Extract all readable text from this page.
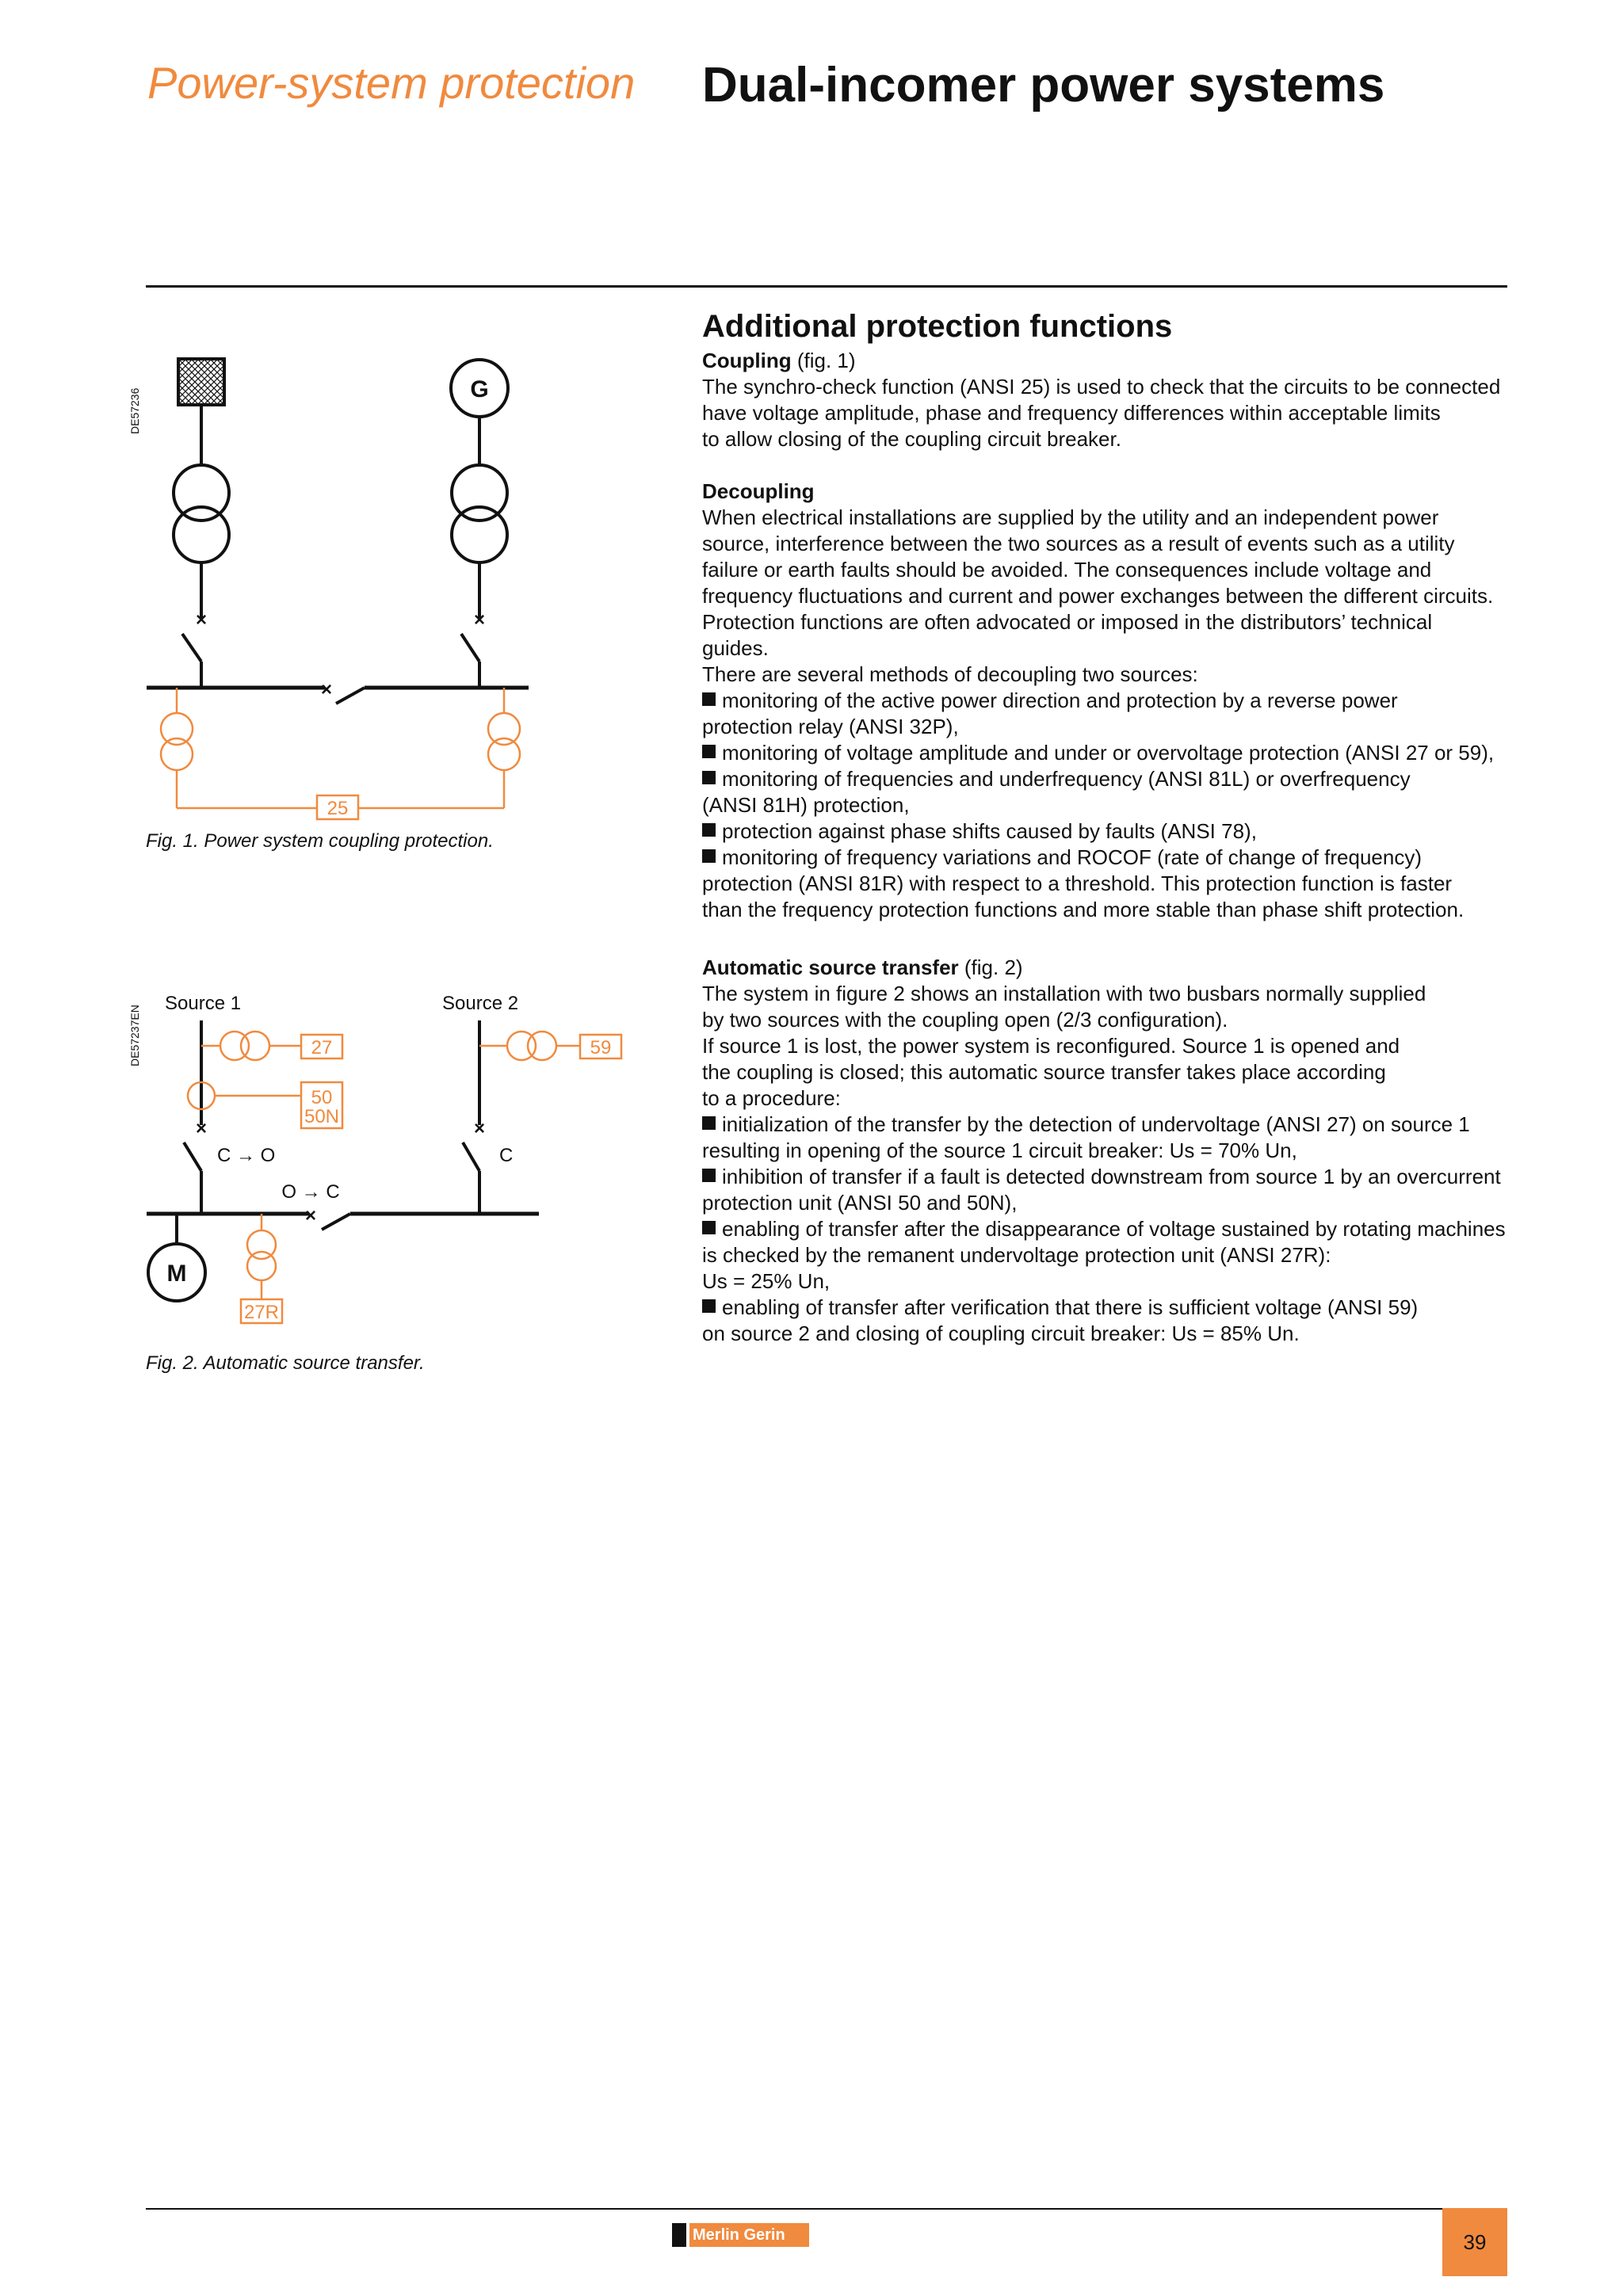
Power-system protection Dual-incomer power systems
DE57236
×
G
×
×
25
Fig. 1. Power system coupling protection.
DE57237EN
Source 1	Source 2
×
C → O
27
50
50N
×
C
59
×
O → C
M
27R
Fig. 2. Automatic source transfer.

Additional protection functions

Coupling (fig. 1)

The synchro-check function (ANSI 25) is used to check that the circuits to be connected

have voltage amplitude, phase and frequency differences within acceptable limits

to allow closing of the coupling circuit breaker.

Decoupling

When electrical installations are supplied by the utility and an independent power

source, interference between the two sources as a result of events such as a utility

failure or earth faults should be avoided. The consequences include voltage and

frequency fluctuations and current and power exchanges between the different circuits.

Protection functions are often advocated or imposed in the distributors’ technical

guides.

There are several methods of decoupling two sources:

monitoring of the active power direction and protection by a reverse power

protection relay (ANSI 32P),

monitoring of voltage amplitude and under or overvoltage protection (ANSI 27 or 59),

monitoring of frequencies and underfrequency (ANSI 81L) or overfrequency

(ANSI 81H) protection,

protection against phase shifts caused by faults (ANSI 78),

monitoring of frequency variations and ROCOF (rate of change of frequency)

protection (ANSI 81R) with respect to a threshold. This protection function is faster

than the frequency protection functions and more stable than phase shift protection.

Automatic source transfer (fig. 2)

The system in figure 2 shows an installation with two busbars normally supplied

by two sources with the coupling open (2/3 configuration).

If source 1 is lost, the power system is reconfigured. Source 1 is opened and

the coupling is closed; this automatic source transfer takes place according

to a procedure:

initialization of the transfer by the detection of undervoltage (ANSI 27) on source 1

resulting in opening of the source 1 circuit breaker: Us = 70% Un,

inhibition of transfer if a fault is detected downstream from source 1 by an overcurrent

protection unit (ANSI 50 and 50N),

enabling of transfer after the disappearance of voltage sustained by rotating machines

is checked by the remanent undervoltage protection unit (ANSI 27R):

Us = 25% Un,

enabling of transfer after verification that there is sufficient voltage (ANSI 59)

on source 2 and closing of coupling circuit breaker: Us = 85% Un.

Merlin Gerin	39
